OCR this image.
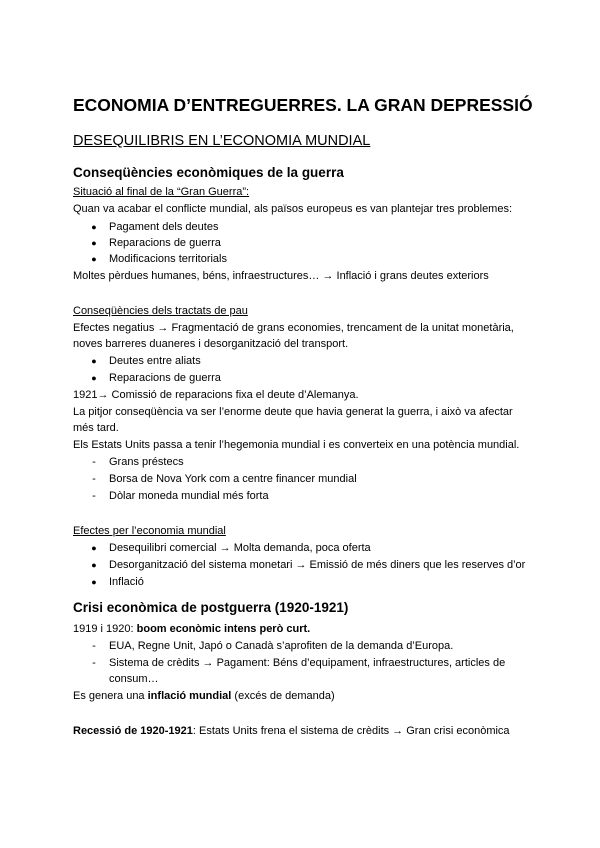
ECONOMIA D’ENTREGUERRES. LA GRAN DEPRESSIÓ
DESEQUILIBRIS EN L’ECONOMIA MUNDIAL
Conseqüències econòmiques de la guerra
Situació al final de la “Gran Guerra”:
Quan va acabar el conflicte mundial, als països europeus es van plantejar tres problemes:
● Pagament dels deutes
● Reparacions de guerra
● Modificacions territorials
Moltes pèrdues humanes, béns, infraestructures… → Inflació i grans deutes exteriors
Conseqüències dels tractats de pau
Efectes negatius → Fragmentació de grans economies, trencament de la unitat monetària,
noves barreres duaneres i desorganització del transport.
● Deutes entre aliats
● Reparacions de guerra
1921→ Comissió de reparacions fixa el deute d’Alemanya.
La pitjor conseqüència va ser l’enorme deute que havia generat la guerra, i això va afectar
més tard.
Els Estats Units passa a tenir l’hegemonia mundial i es converteix en una potència mundial.
- Grans préstecs
- Borsa de Nova York com a centre financer mundial
- Dòlar moneda mundial més forta
Efectes per l’economia mundial
● Desequilibri comercial → Molta demanda, poca oferta
● Desorganització del sistema monetari → Emissió de més diners que les reserves d’or
● Inflació
Crisi econòmica de postguerra (1920-1921)
1919 i 1920: boom econòmic intens però curt.
- EUA, Regne Unit, Japó o Canadà s’aprofiten de la demanda d’Europa.
- Sistema de crèdits → Pagament: Béns d’equipament, infraestructures, articles de
consum…
Es genera una inflació mundial (excés de demanda)
Recessió de 1920-1921: Estats Units frena el sistema de crèdits → Gran crisi econòmica
